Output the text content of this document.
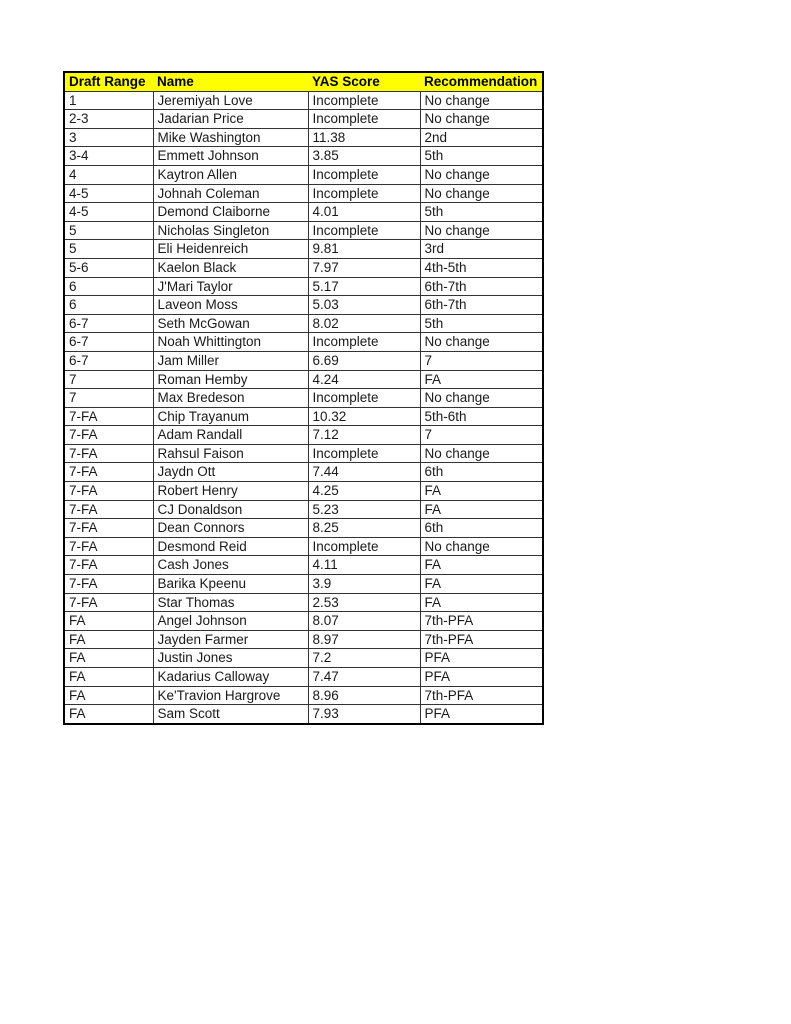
Draft Range	Name	YAS Score	Recommendation
1	Jeremiyah Love	Incomplete	No change
2-3	Jadarian Price	Incomplete	No change
3	Mike Washington	11.38	2nd
3-4	Emmett Johnson	3.85	5th
4	Kaytron Allen	Incomplete	No change
4-5	Johnah Coleman	Incomplete	No change
4-5	Demond Claiborne	4.01	5th
5	Nicholas Singleton	Incomplete	No change
5	Eli Heidenreich	9.81	3rd
5-6	Kaelon Black	7.97	4th-5th
6	J'Mari Taylor	5.17	6th-7th
6	Laveon Moss	5.03	6th-7th
6-7	Seth McGowan	8.02	5th
6-7	Noah Whittington	Incomplete	No change
6-7	Jam Miller	6.69	7
7	Roman Hemby	4.24	FA
7	Max Bredeson	Incomplete	No change
7-FA	Chip Trayanum	10.32	5th-6th
7-FA	Adam Randall	7.12	7
7-FA	Rahsul Faison	Incomplete	No change
7-FA	Jaydn Ott	7.44	6th
7-FA	Robert Henry	4.25	FA
7-FA	CJ Donaldson	5.23	FA
7-FA	Dean Connors	8.25	6th
7-FA	Desmond Reid	Incomplete	No change
7-FA	Cash Jones	4.11	FA
7-FA	Barika Kpeenu	3.9	FA
7-FA	Star Thomas	2.53	FA
FA	Angel Johnson	8.07	7th-PFA
FA	Jayden Farmer	8.97	7th-PFA
FA	Justin Jones	7.2	PFA
FA	Kadarius Calloway	7.47	PFA
FA	Ke'Travion Hargrove	8.96	7th-PFA
FA	Sam Scott	7.93	PFA
